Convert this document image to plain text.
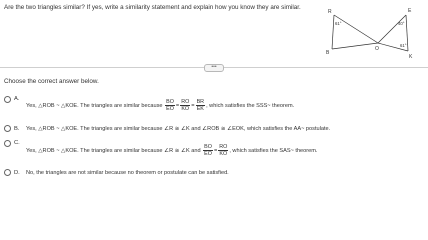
Are the two triangles similar? If yes, write a similarity statement and explain how you know they are similar.
R
B
O
E
K
61°	40°
61°
•••
Choose the correct answer below.
A.
Yes, △ROB ~ △KOE. The triangles are similar because $\frac{BO}{EO} = \frac{RO}{KO} = \frac{BR}{EK}$ , which satisfies the SSS~ theorem.
B. Yes, △ROB ~ △KOE. The triangles are similar because ∠R ≅ ∠K and ∠ROB ≅ ∠EOK, which satisfies the AA~ postulate.
C.
Yes, △ROB ~ △KOE. The triangles are similar because ∠R ≅ ∠K and $\frac{BO}{EO} = \frac{RO}{KO}$ , which satisfies the SAS~ theorem.
D. No, the triangles are not similar because no theorem or postulate can be satisfied.
